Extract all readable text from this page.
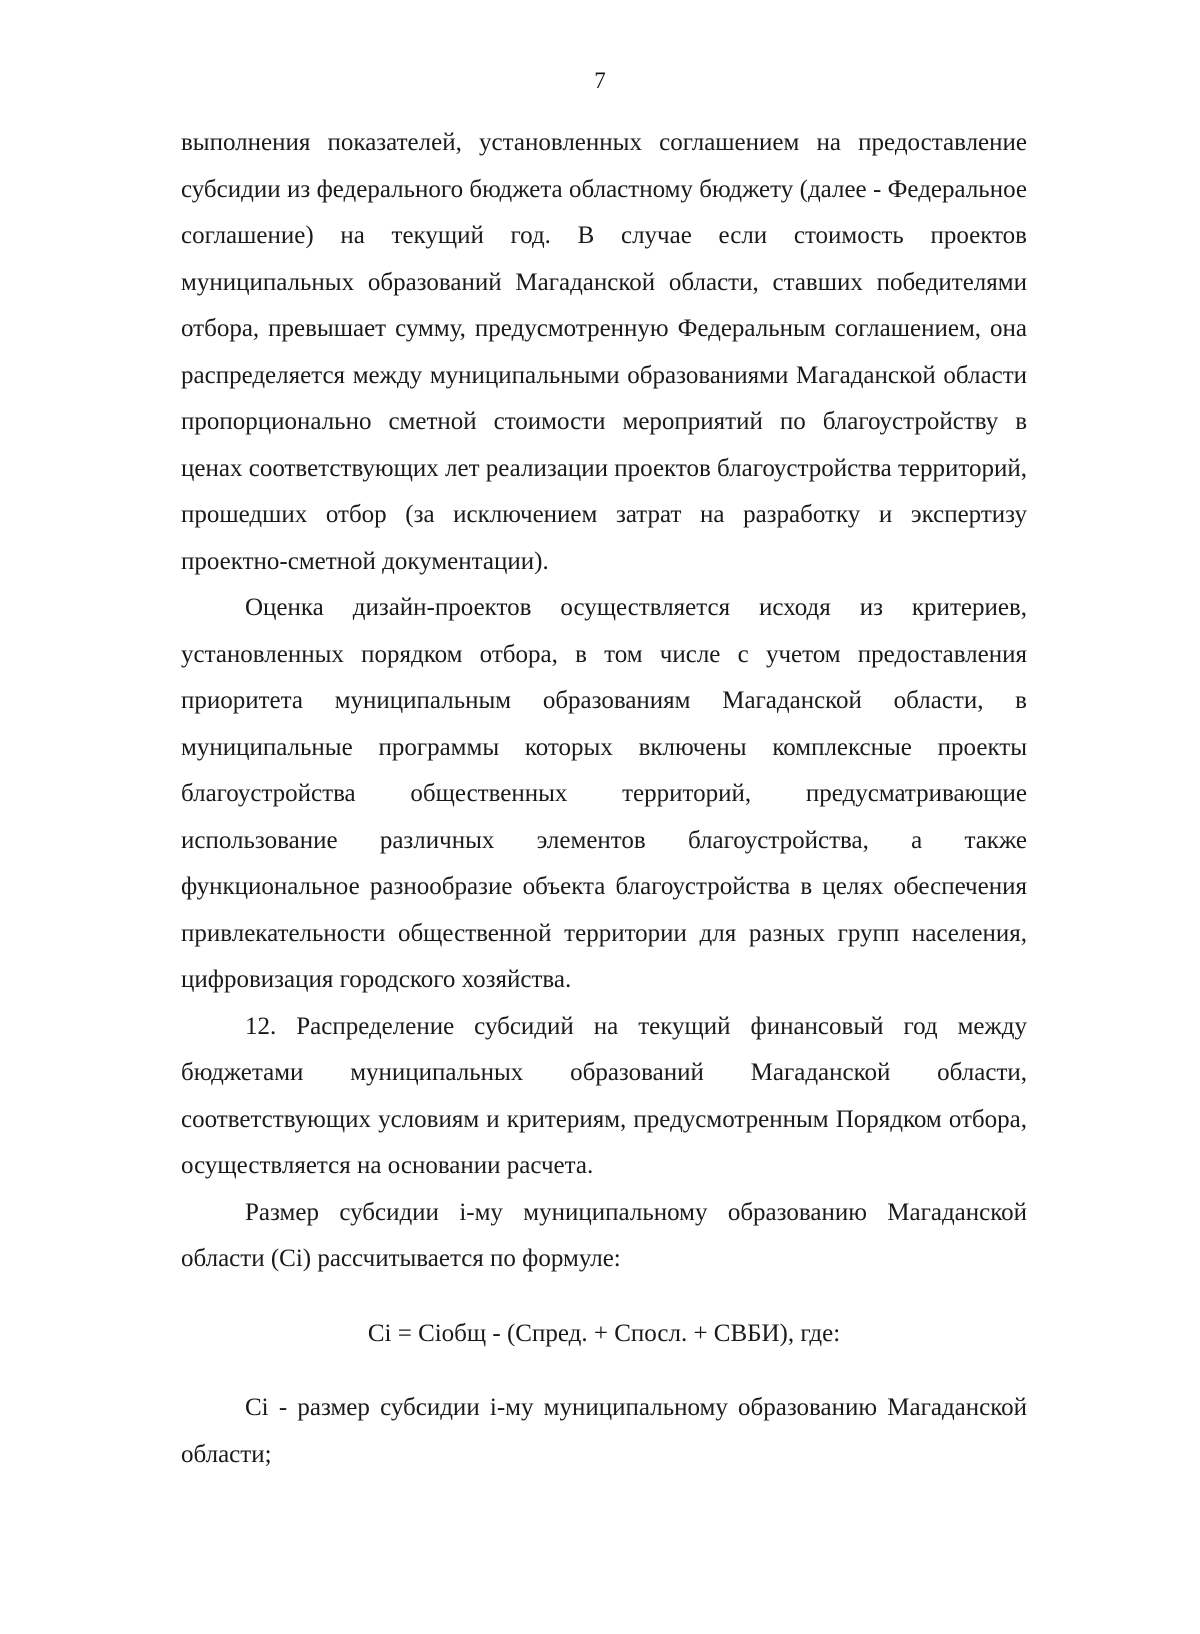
7

выполнения показателей, установленных соглашением на предоставление субсидии из федерального бюджета областному бюджету (далее - Федеральное соглашение) на текущий год. В случае если стоимость проектов муниципальных образований Магаданской области, ставших победителями отбора, превышает сумму, предусмотренную Федеральным соглашением, она распределяется между муниципальными образованиями Магаданской области пропорционально сметной стоимости мероприятий по благоустройству в ценах соответствующих лет реализации проектов благоустройства территорий, прошедших отбор (за исключением затрат на разработку и экспертизу проектно-сметной документации).

Оценка дизайн-проектов осуществляется исходя из критериев, установленных порядком отбора, в том числе с учетом предоставления приоритета муниципальным образованиям Магаданской области, в муниципальные программы которых включены комплексные проекты благоустройства общественных территорий, предусматривающие использование различных элементов благоустройства, а также функциональное разнообразие объекта благоустройства в целях обеспечения привлекательности общественной территории для разных групп населения, цифровизация городского хозяйства.

12. Распределение субсидий на текущий финансовый год между бюджетами муниципальных образований Магаданской области, соответствующих условиям и критериям, предусмотренным Порядком отбора, осуществляется на основании расчета.

Размер субсидии i-му муниципальному образованию Магаданской области (Ci) рассчитывается по формуле:

Ci = Ciобщ - (Спред. + Спосл. + СВБИ), где:

Ci - размер субсидии i-му муниципальному образованию Магаданской области;
